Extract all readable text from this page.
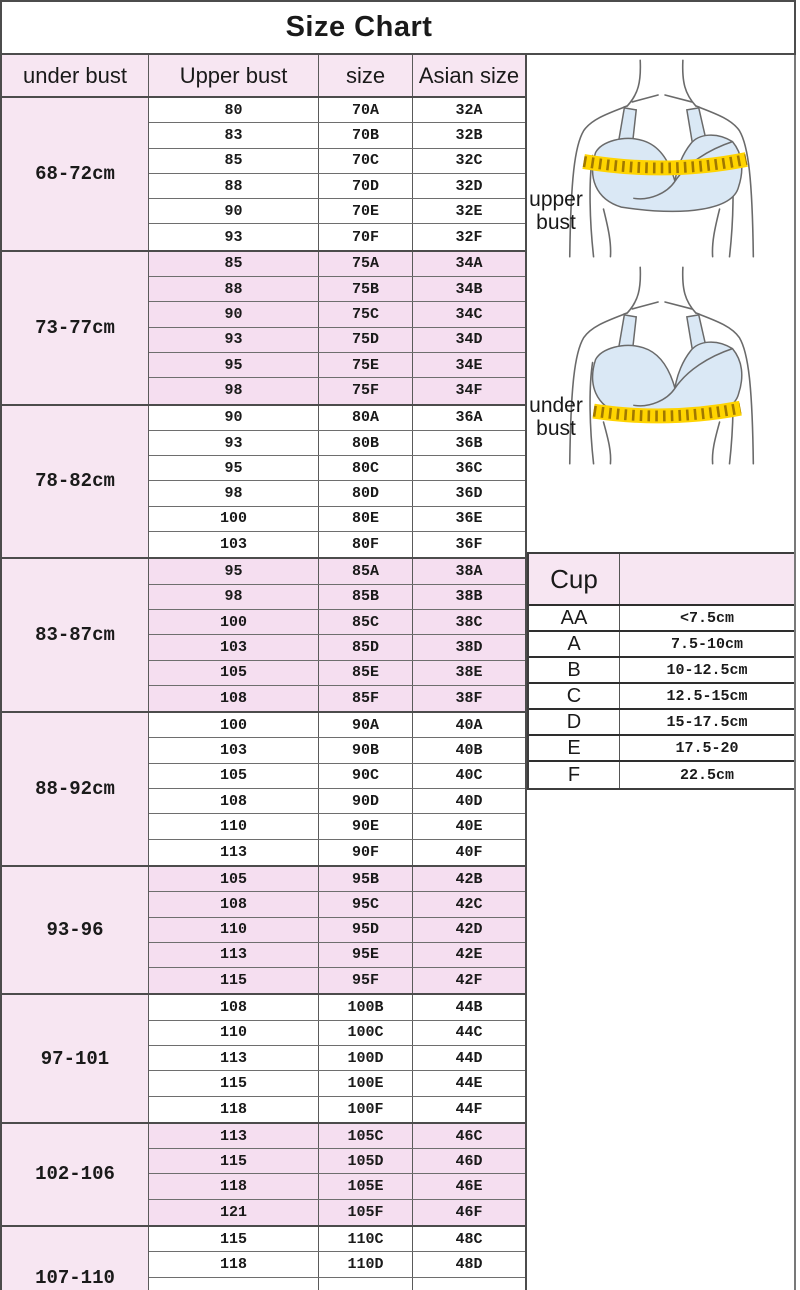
Size Chart
under bust	Upper bust	size	Asian size
68-72cm
80	70A	32A
83	70B	32B
85	70C	32C
88	70D	32D
90	70E	32E
93	70F	32F
73-77cm
85	75A	34A
88	75B	34B
90	75C	34C
93	75D	34D
95	75E	34E
98	75F	34F
78-82cm
90	80A	36A
93	80B	36B
95	80C	36C
98	80D	36D
100	80E	36E
103	80F	36F
83-87cm
95	85A	38A
98	85B	38B
100	85C	38C
103	85D	38D
105	85E	38E
108	85F	38F
88-92cm
100	90A	40A
103	90B	40B
105	90C	40C
108	90D	40D
110	90E	40E
113	90F	40F
93-96
105	95B	42B
108	95C	42C
110	95D	42D
113	95E	42E
115	95F	42F
97-101
108	100B	44B
110	100C	44C
113	100D	44D
115	100E	44E
118	100F	44F
102-106
113	105C	46C
115	105D	46D
118	105E	46E
121	105F	46F
107-110
115	110C	48C
118	110D	48D
Cup
AA	<7.5cm
A	7.5-10cm
B	10-12.5cm
C	12.5-15cm
D	15-17.5cm
E	17.5-20
F	22.5cm
upper
bust
under
bust
